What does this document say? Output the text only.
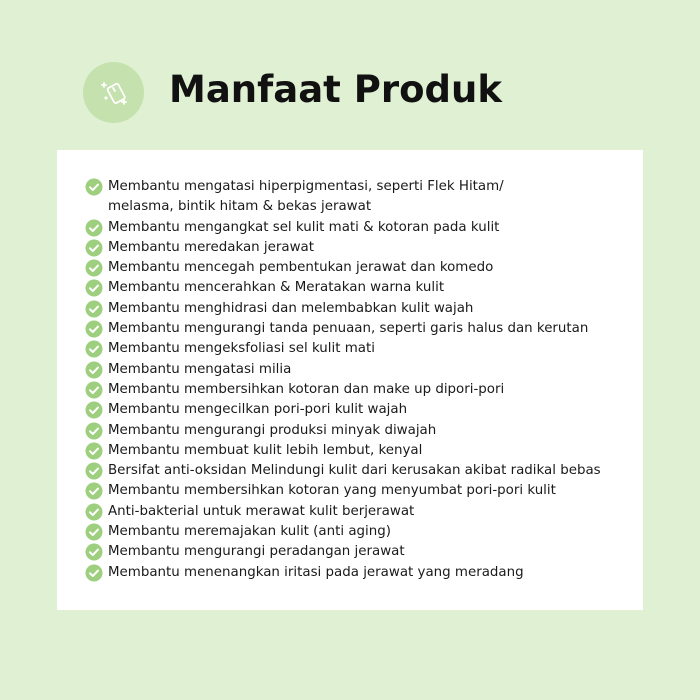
Manfaat Produk
Membantu mengatasi hiperpigmentasi, seperti Flek Hitam/
melasma, bintik hitam & bekas jerawat
Membantu mengangkat sel kulit mati & kotoran pada kulit
Membantu meredakan jerawat
Membantu mencegah pembentukan jerawat dan komedo
Membantu mencerahkan & Meratakan warna kulit
Membantu menghidrasi dan melembabkan kulit wajah
Membantu mengurangi tanda penuaan, seperti garis halus dan kerutan
Membantu mengeksfoliasi sel kulit mati
Membantu mengatasi milia
Membantu membersihkan kotoran dan make up dipori-pori
Membantu mengecilkan pori-pori kulit wajah
Membantu mengurangi produksi minyak diwajah
Membantu membuat kulit lebih lembut, kenyal
Bersifat anti-oksidan Melindungi kulit dari kerusakan akibat radikal bebas
Membantu membersihkan kotoran yang menyumbat pori-pori kulit
Anti-bakterial untuk merawat kulit berjerawat
Membantu meremajakan kulit (anti aging)
Membantu mengurangi peradangan jerawat
Membantu menenangkan iritasi pada jerawat yang meradang
